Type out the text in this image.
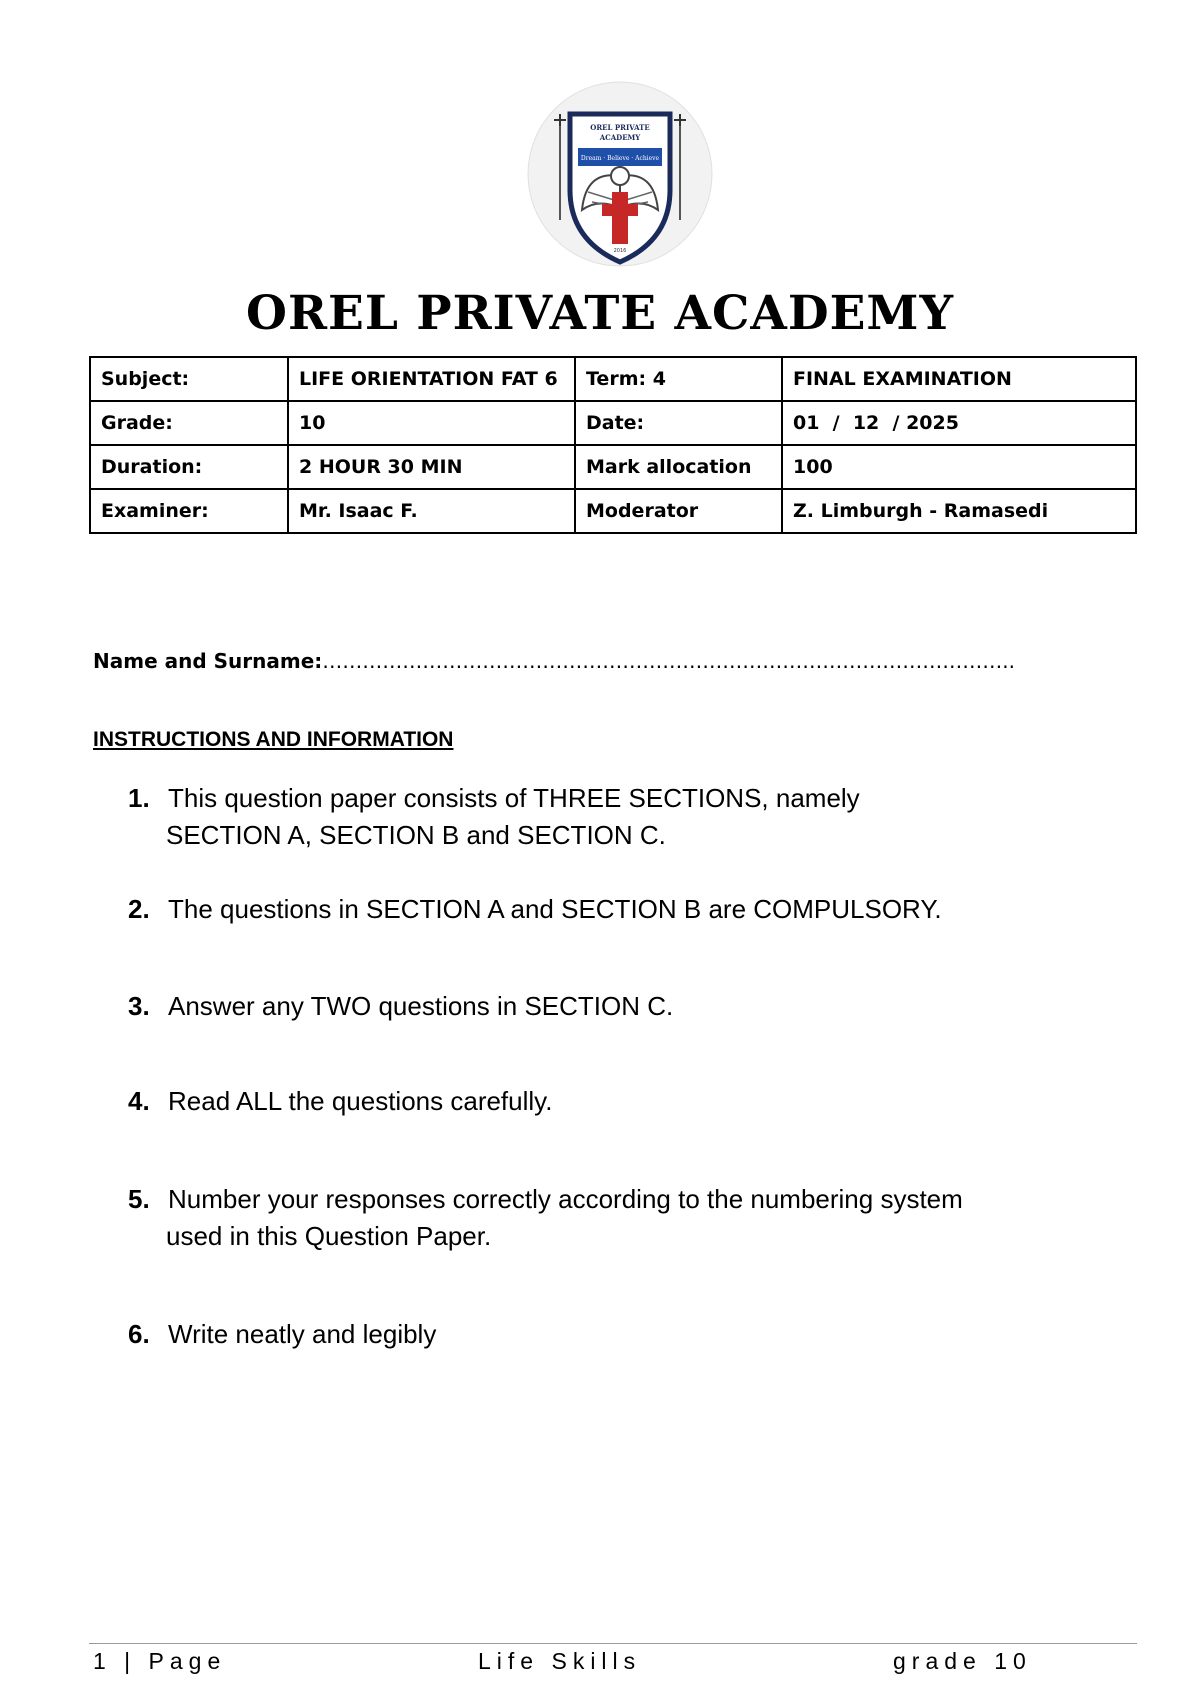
OREL PRIVATE
ACADEMY
Dream · Believe · Achieve
2016
OREL PRIVATE ACADEMY
Subject:	LIFE ORIENTATION FAT 6	Term: 4	FINAL EXAMINATION
Grade:	10	Date:	01  /  12  / 2025
Duration:	2 HOUR 30 MIN	Mark allocation	100
Examiner:	Mr. Isaac F.	Moderator	Z. Limburgh - Ramasedi
Name and Surname:…………………………………………………………………………………………..
INSTRUCTIONS AND INFORMATION
1. This question paper consists of THREE SECTIONS, namely
SECTION A, SECTION B and SECTION C.
2. The questions in SECTION A and SECTION B are COMPULSORY.
3. Answer any TWO questions in SECTION C.
4. Read ALL the questions carefully.
5. Number your responses correctly according to the numbering system
used in this Question Paper.
6. Write neatly and legibly
1 | Page	Life Skills	grade 10
